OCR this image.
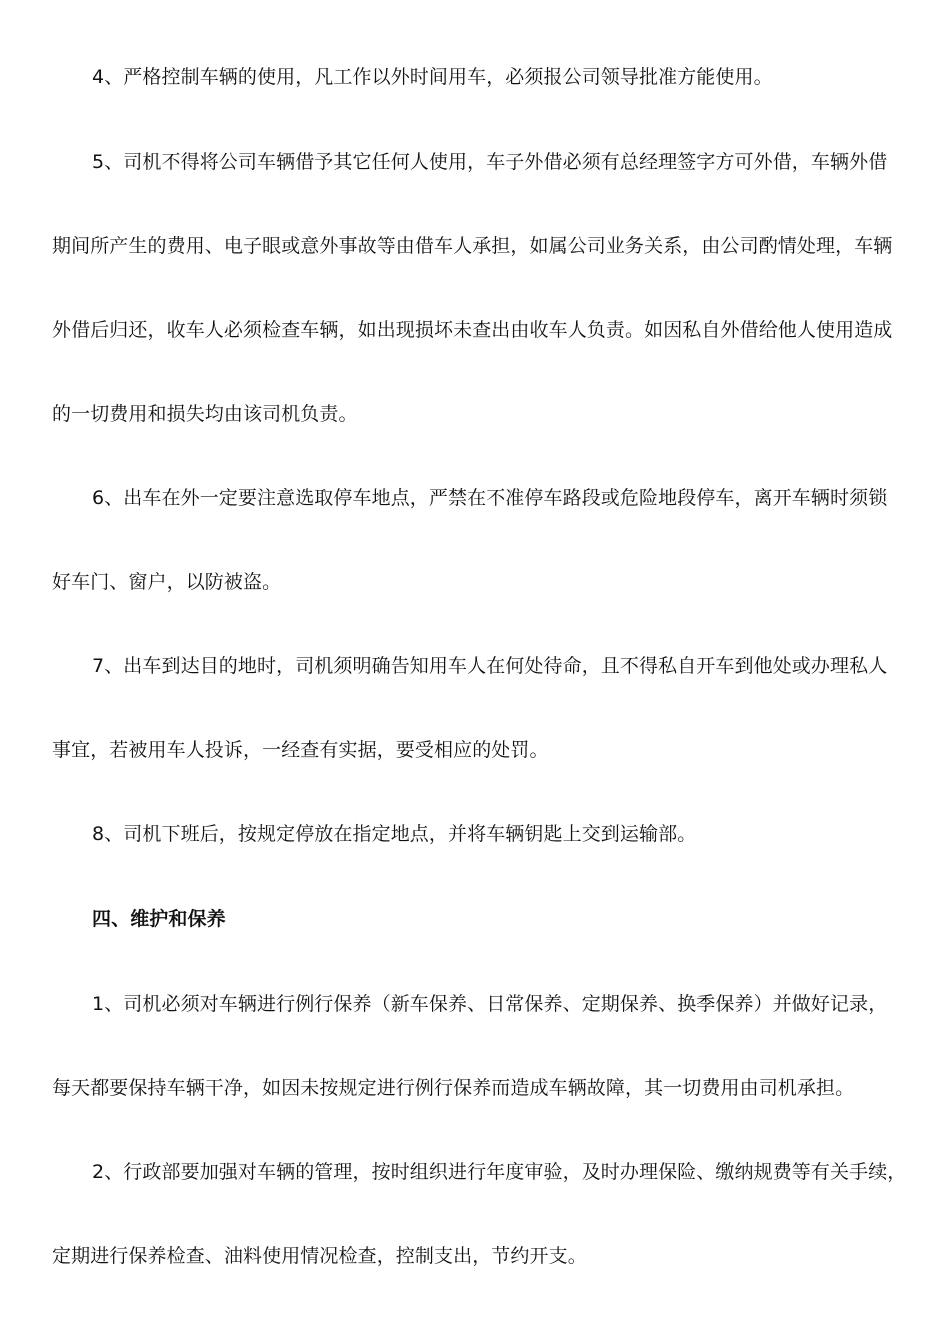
4、严格控制车辆的使用，凡工作以外时间用车，必须报公司领导批准方能使用。
5、司机不得将公司车辆借予其它任何人使用，车子外借必须有总经理签字方可外借，车辆外借
期间所产生的费用、电子眼或意外事故等由借车人承担，如属公司业务关系，由公司酌情处理，车辆
外借后归还，收车人必须检查车辆，如出现损坏未查出由收车人负责。如因私自外借给他人使用造成
的一切费用和损失均由该司机负责。
6、出车在外一定要注意选取停车地点，严禁在不准停车路段或危险地段停车，离开车辆时须锁
好车门、窗户，以防被盗。
7、出车到达目的地时，司机须明确告知用车人在何处待命，且不得私自开车到他处或办理私人
事宜，若被用车人投诉，一经查有实据，要受相应的处罚。
8、司机下班后，按规定停放在指定地点，并将车辆钥匙上交到运输部。
四、维护和保养
1、司机必须对车辆进行例行保养（新车保养、日常保养、定期保养、换季保养）并做好记录，
每天都要保持车辆干净，如因未按规定进行例行保养而造成车辆故障，其一切费用由司机承担。
2、行政部要加强对车辆的管理，按时组织进行年度审验，及时办理保险、缴纳规费等有关手续，
定期进行保养检查、油料使用情况检查，控制支出，节约开支。
